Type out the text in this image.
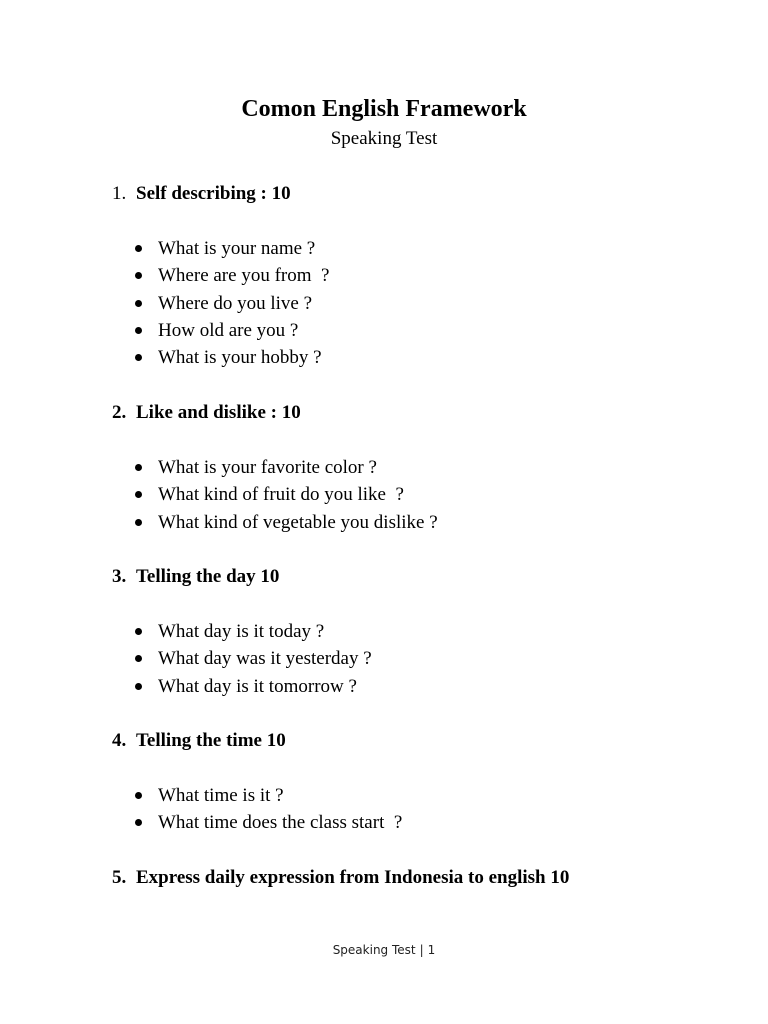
Comon English Framework
Speaking Test
1. Self describing : 10
What is your name ?
Where are you from  ?
Where do you live ?
How old are you ?
What is your hobby ?
2. Like and dislike : 10
What is your favorite color ?
What kind of fruit do you like  ?
What kind of vegetable you dislike ?
3. Telling the day 10
What day is it today ?
What day was it yesterday ?
What day is it tomorrow ?
4. Telling the time 10
What time is it ?
What time does the class start  ?
5. Express daily expression from Indonesia to english 10
Speaking Test | 1
